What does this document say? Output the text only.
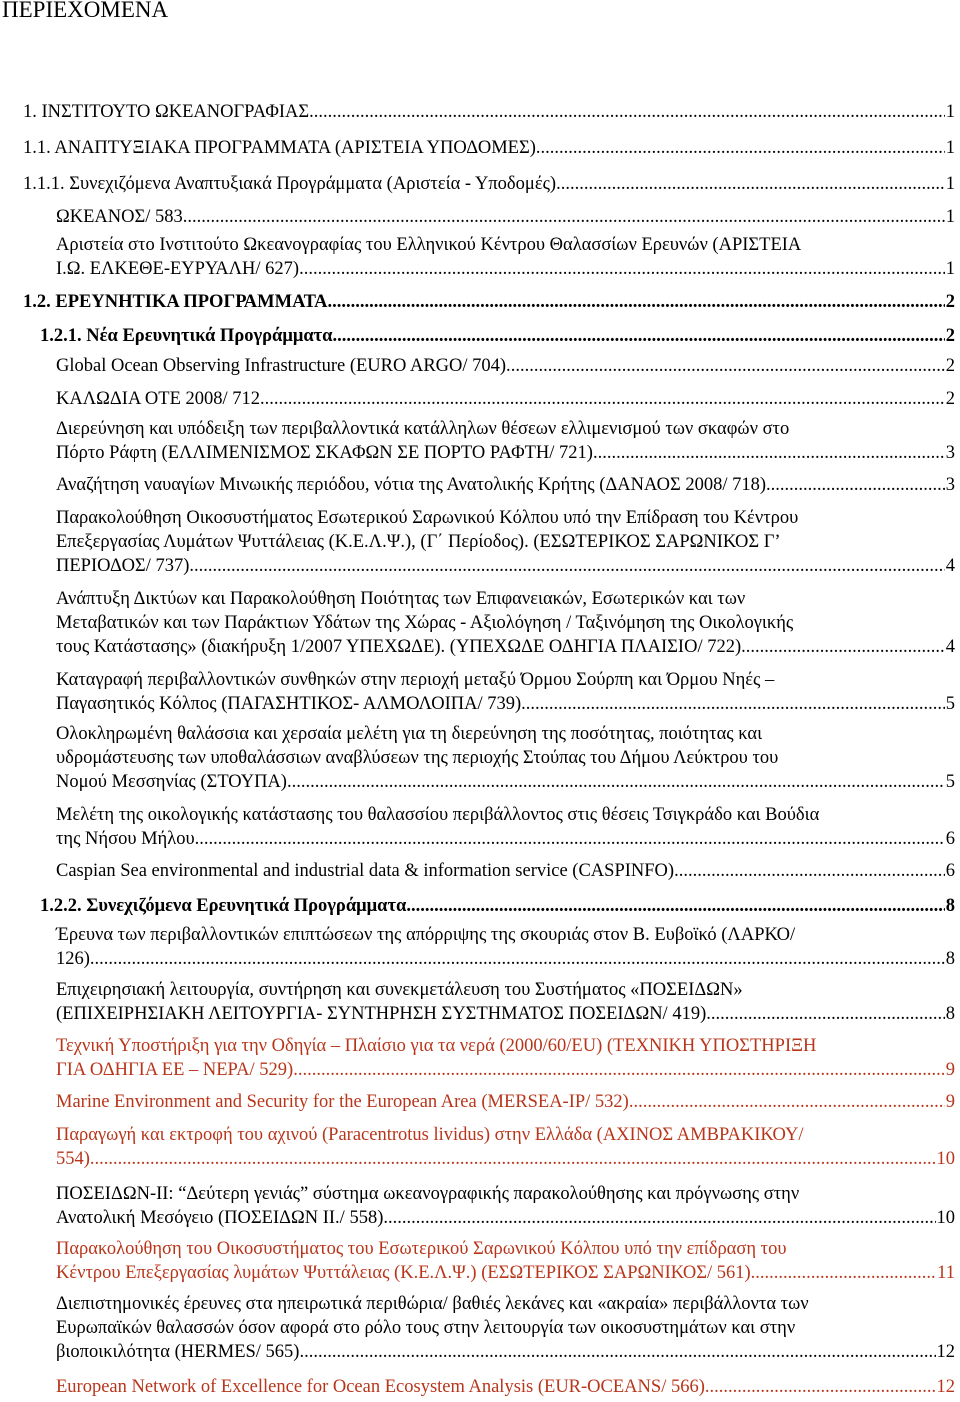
ΠΕΡΙΕΧΟΜΕΝΑ
1. ΙΝΣΤΙΤΟΥΤΟ ΩΚΕΑΝΟΓΡΑΦΙΑΣ .....	1
1.1. ΑΝΑΠΤΥΞΙΑΚΑ ΠΡΟΓΡΑΜΜΑΤΑ (ΑΡΙΣΤΕΙΑ ΥΠΟΔΟΜΕΣ) .....	1
1.1.1. Συνεχιζόμενα Αναπτυξιακά Προγράμματα (Αριστεία - Υποδομές) .....	1
ΩΚΕΑΝΟΣ/ 583. .....	1
Αριστεία στο Ινστιτούτο Ωκεανογραφίας του Ελληνικού Κέντρου Θαλασσίων Ερευνών (ΑΡΙΣΤΕΙΑ
Ι.Ω. ΕΛΚΕΘΕ-ΕΥΡΥΑΛΗ/ 627). .....	1
1.2. ΕΡΕΥΝΗΤΙΚΑ ΠΡΟΓΡΑΜΜΑΤΑ .....	2
1.2.1. Νέα Ερευνητικά Προγράμματα .....	2
Global Ocean Observing Infrastructure (EURO ARGO/ 704). .....	2
ΚΑΛΩΔΙΑ ΟΤΕ 2008/ 712 .....	2
Διερεύνηση και υπόδειξη των περιβαλλοντικά κατάλληλων θέσεων ελλιμενισμού των σκαφών στο
Πόρτο Ράφτη (ΕΛΛΙΜΕΝΙΣΜΟΣ ΣΚΑΦΩΝ ΣΕ ΠΟΡΤΟ ΡΑΦΤΗ/ 721). .....	3
Αναζήτηση ναυαγίων Μινωικής περιόδου, νότια της Ανατολικής Κρήτης (ΔΑΝΑΟΣ 2008/ 718) .....	3
Παρακολούθηση Οικοσυστήματος Εσωτερικού Σαρωνικού Κόλπου υπό την Επίδραση του Κέντρου
Επεξεργασίας Λυμάτων Ψυττάλειας (Κ.Ε.Λ.Ψ.), (Γ΄ Περίοδος). (ΕΣΩΤΕΡΙΚΟΣ ΣΑΡΩΝΙΚΟΣ Γ’
ΠΕΡΙΟΔΟΣ/ 737). .....	4
Ανάπτυξη Δικτύων και Παρακολούθηση Ποιότητας των Επιφανειακών, Εσωτερικών και των
Μεταβατικών και των Παράκτιων Υδάτων της Χώρας - Αξιολόγηση / Ταξινόμηση της Οικολογικής
τους Κατάστασης» (διακήρυξη 1/2007 ΥΠΕΧΩΔΕ). (ΥΠΕΧΩΔΕ ΟΔΗΓΙΑ ΠΛΑΙΣΙΟ/ 722). .....	4
Καταγραφή περιβαλλοντικών συνθηκών στην περιοχή μεταξύ Όρμου Σούρπη και Όρμου Νηές –
Παγασητικός Κόλπος (ΠΑΓΑΣΗΤΙΚΟΣ- ΑΛΜΟΛΟΙΠΑ/ 739). .....	5
Ολοκληρωμένη θαλάσσια και χερσαία μελέτη για τη διερεύνηση της ποσότητας, ποιότητας και
υδρομάστευσης των υποθαλάσσιων αναβλύσεων της περιοχής Στούπας του Δήμου Λεύκτρου του
Νομού Μεσσηνίας (ΣΤΟΥΠΑ). .....	5
Μελέτη της οικολογικής κατάστασης του θαλασσίου περιβάλλοντος στις θέσεις Τσιγκράδο και Βούδια
της Νήσου Μήλου .....	6
Caspian Sea environmental and industrial data & information service (CASPINFO) .....	6
1.2.2. Συνεχιζόμενα Ερευνητικά Προγράμματα .....	8
Έρευνα των περιβαλλοντικών επιπτώσεων της απόρριψης της σκουριάς στον Β. Ευβοϊκό (ΛΑΡΚΟ/
126). .....	8
Επιχειρησιακή λειτουργία, συντήρηση και συνεκμετάλευση του Συστήματος «ΠΟΣΕΙΔΩΝ»
(ΕΠΙΧΕΙΡΗΣΙΑΚΗ ΛΕΙΤΟΥΡΓΙΑ- ΣΥΝΤΗΡΗΣΗ ΣΥΣΤΗΜΑΤΟΣ ΠΟΣΕΙΔΩΝ/ 419). .....	8
Τεχνική Υποστήριξη για την Οδηγία – Πλαίσιο για τα νερά (2000/60/EU) (ΤΕΧΝΙΚΗ ΥΠΟΣΤΗΡΙΞΗ
ΓΙΑ ΟΔΗΓΙΑ ΕΕ – ΝΕΡΑ/ 529). .....	9
Marine Environment and Security for the European Area (MERSEA-IP/ 532). .....	9
Παραγωγή και εκτροφή του αχινού (Paracentrotus lividus) στην Ελλάδα (ΑΧΙΝΟΣ ΑΜΒΡΑΚΙΚΟΥ/
554). .....	10
ΠΟΣΕΙΔΩΝ-ΙΙ: “Δεύτερη γενιάς” σύστημα ωκεανογραφικής παρακολούθησης και πρόγνωσης στην
Ανατολική Μεσόγειο (ΠΟΣΕΙΔΩΝ ΙΙ./ 558). .....	10
Παρακολούθηση του Οικοσυστήματος του Εσωτερικού Σαρωνικού Κόλπου υπό την επίδραση του
Κέντρου Επεξεργασίας λυμάτων Ψυττάλειας (Κ.Ε.Λ.Ψ.) (ΕΣΩΤΕΡΙΚΟΣ ΣΑΡΩΝΙΚΟΣ/ 561). .....	11
Διεπιστημονικές έρευνες στα ηπειρωτικά περιθώρια/ βαθιές λεκάνες και «ακραία» περιβάλλοντα των
Ευρωπαϊκών θαλασσών όσον αφορά στο ρόλο τους στην λειτουργία των οικοσυστημάτων και στην
βιοποικιλότητα (HERMES/ 565). .....	12
European Network of Excellence for Ocean Ecosystem Analysis (EUR-OCEANS/ 566). .....	12
